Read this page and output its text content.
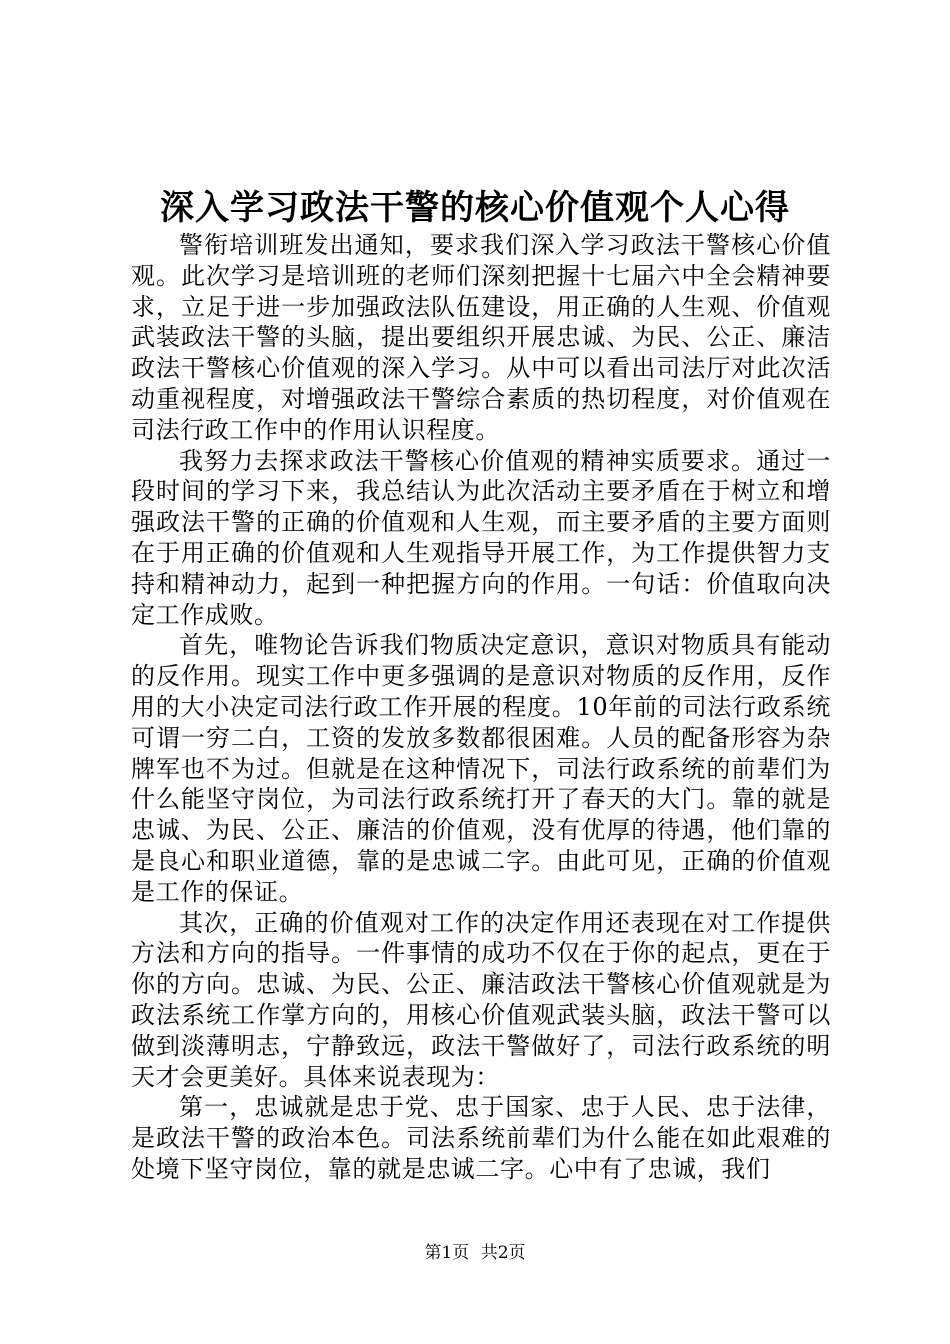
深入学习政法干警的核心价值观个人心得

警衔培训班发出通知，要求我们深入学习政法干警核心价值观。此次学习是培训班的老师们深刻把握十七届六中全会精神要求，立足于进一步加强政法队伍建设，用正确的人生观、价值观武装政法干警的头脑，提出要组织开展忠诚、为民、公正、廉洁政法干警核心价值观的深入学习。从中可以看出司法厅对此次活动重视程度，对增强政法干警综合素质的热切程度，对价值观在司法行政工作中的作用认识程度。

我努力去探求政法干警核心价值观的精神实质要求。通过一段时间的学习下来，我总结认为此次活动主要矛盾在于树立和增强政法干警的正确的价值观和人生观，而主要矛盾的主要方面则在于用正确的价值观和人生观指导开展工作，为工作提供智力支持和精神动力，起到一种把握方向的作用。一句话：价值取向决定工作成败。

首先，唯物论告诉我们物质决定意识，意识对物质具有能动的反作用。现实工作中更多强调的是意识对物质的反作用，反作用的大小决定司法行政工作开展的程度。10年前的司法行政系统可谓一穷二白，工资的发放多数都很困难。人员的配备形容为杂牌军也不为过。但就是在这种情况下，司法行政系统的前辈们为什么能坚守岗位，为司法行政系统打开了春天的大门。靠的就是忠诚、为民、公正、廉洁的价值观，没有优厚的待遇，他们靠的是良心和职业道德，靠的是忠诚二字。由此可见，正确的价值观是工作的保证。

其次，正确的价值观对工作的决定作用还表现在对工作提供方法和方向的指导。一件事情的成功不仅在于你的起点，更在于你的方向。忠诚、为民、公正、廉洁政法干警核心价值观就是为政法系统工作掌方向的，用核心价值观武装头脑，政法干警可以做到淡薄明志，宁静致远，政法干警做好了，司法行政系统的明天才会更美好。具体来说表现为：

第一，忠诚就是忠于党、忠于国家、忠于人民、忠于法律，是政法干警的政治本色。司法系统前辈们为什么能在如此艰难的处境下坚守岗位，靠的就是忠诚二字。心中有了忠诚，我们

第1页 共2页
